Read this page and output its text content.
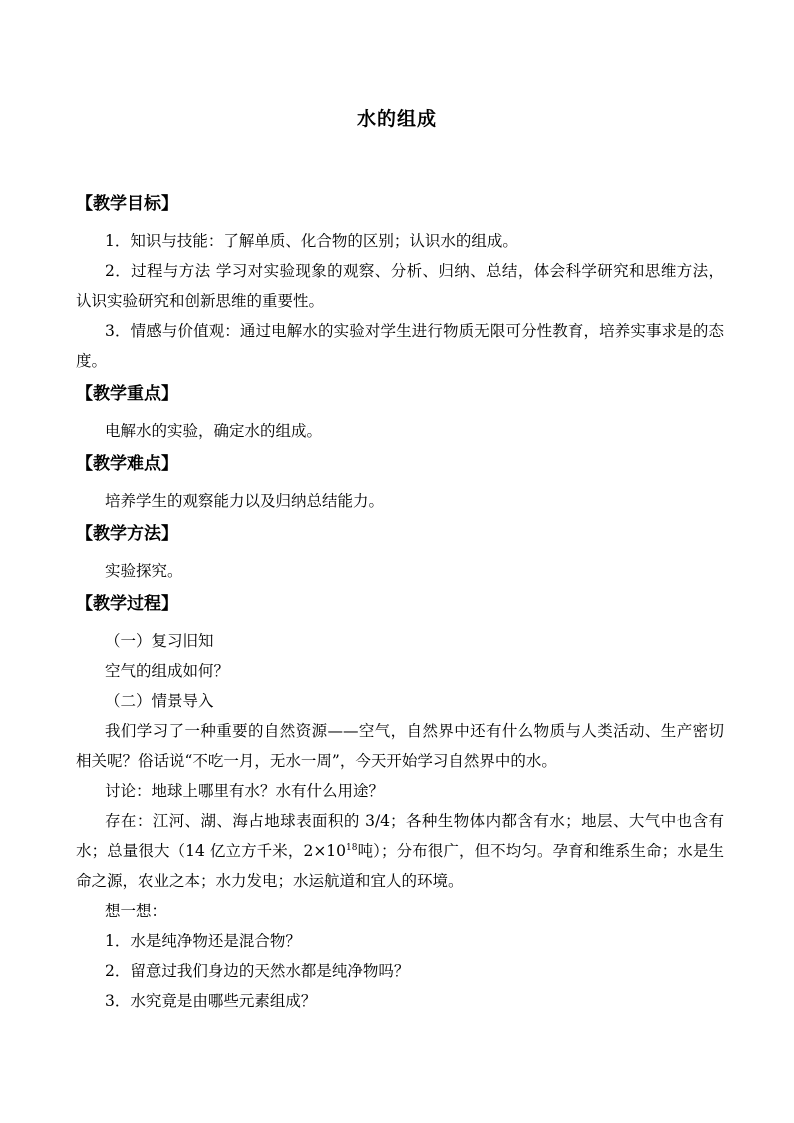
水的组成
【教学目标】

1．知识与技能：了解单质、化合物的区别；认识水的组成。

2．过程与方法 学习对实验现象的观察、分析、归纳、总结，体会科学研究和思维方法，认识实验研究和创新思维的重要性。

3．情感与价值观：通过电解水的实验对学生进行物质无限可分性教育，培养实事求是的态度。

【教学重点】

电解水的实验，确定水的组成。

【教学难点】

培养学生的观察能力以及归纳总结能力。

【教学方法】

实验探究。

【教学过程】

（一）复习旧知

空气的组成如何？

（二）情景导入

我们学习了一种重要的自然资源——空气，自然界中还有什么物质与人类活动、生产密切相关呢？俗话说“不吃一月，无水一周”，今天开始学习自然界中的水。

讨论：地球上哪里有水？水有什么用途？

存在：江河、湖、海占地球表面积的 3/4；各种生物体内都含有水；地层、大气中也含有水；总量很大（14 亿立方千米，$2\times 10^{18}$吨）；分布很广，但不均匀。孕育和维系生命；水是生命之源，农业之本；水力发电；水运航道和宜人的环境。

想一想：

1．水是纯净物还是混合物？

2．留意过我们身边的天然水都是纯净物吗？

3．水究竟是由哪些元素组成？
